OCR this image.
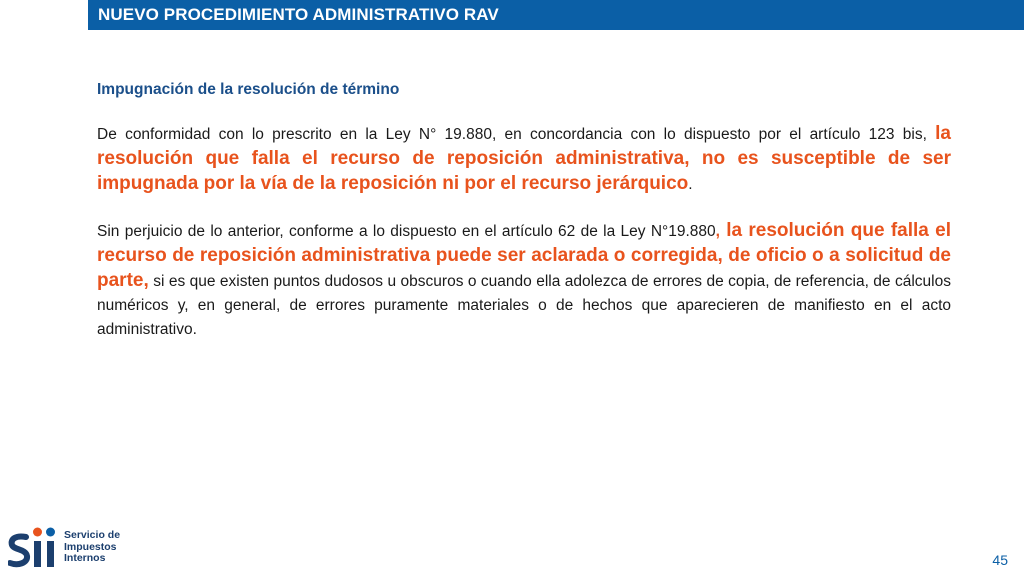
NUEVO PROCEDIMIENTO ADMINISTRATIVO RAV

Impugnación de la resolución de término

De conformidad con lo prescrito en la Ley N° 19.880, en concordancia con lo dispuesto por el artículo 123 bis, la resolución que falla el recurso de reposición administrativa, no es susceptible de ser impugnada por la vía de la reposición ni por el recurso jerárquico.

Sin perjuicio de lo anterior, conforme a lo dispuesto en el artículo 62 de la Ley N°19.880, la resolución que falla el recurso de reposición administrativa puede ser aclarada o corregida, de oficio o a solicitud de parte, si es que existen puntos dudosos u obscuros o cuando ella adolezca de errores de copia, de referencia, de cálculos numéricos y, en general, de errores puramente materiales o de hechos que aparecieren de manifiesto en el acto administrativo.

Servicio de
Impuestos
Internos	45
